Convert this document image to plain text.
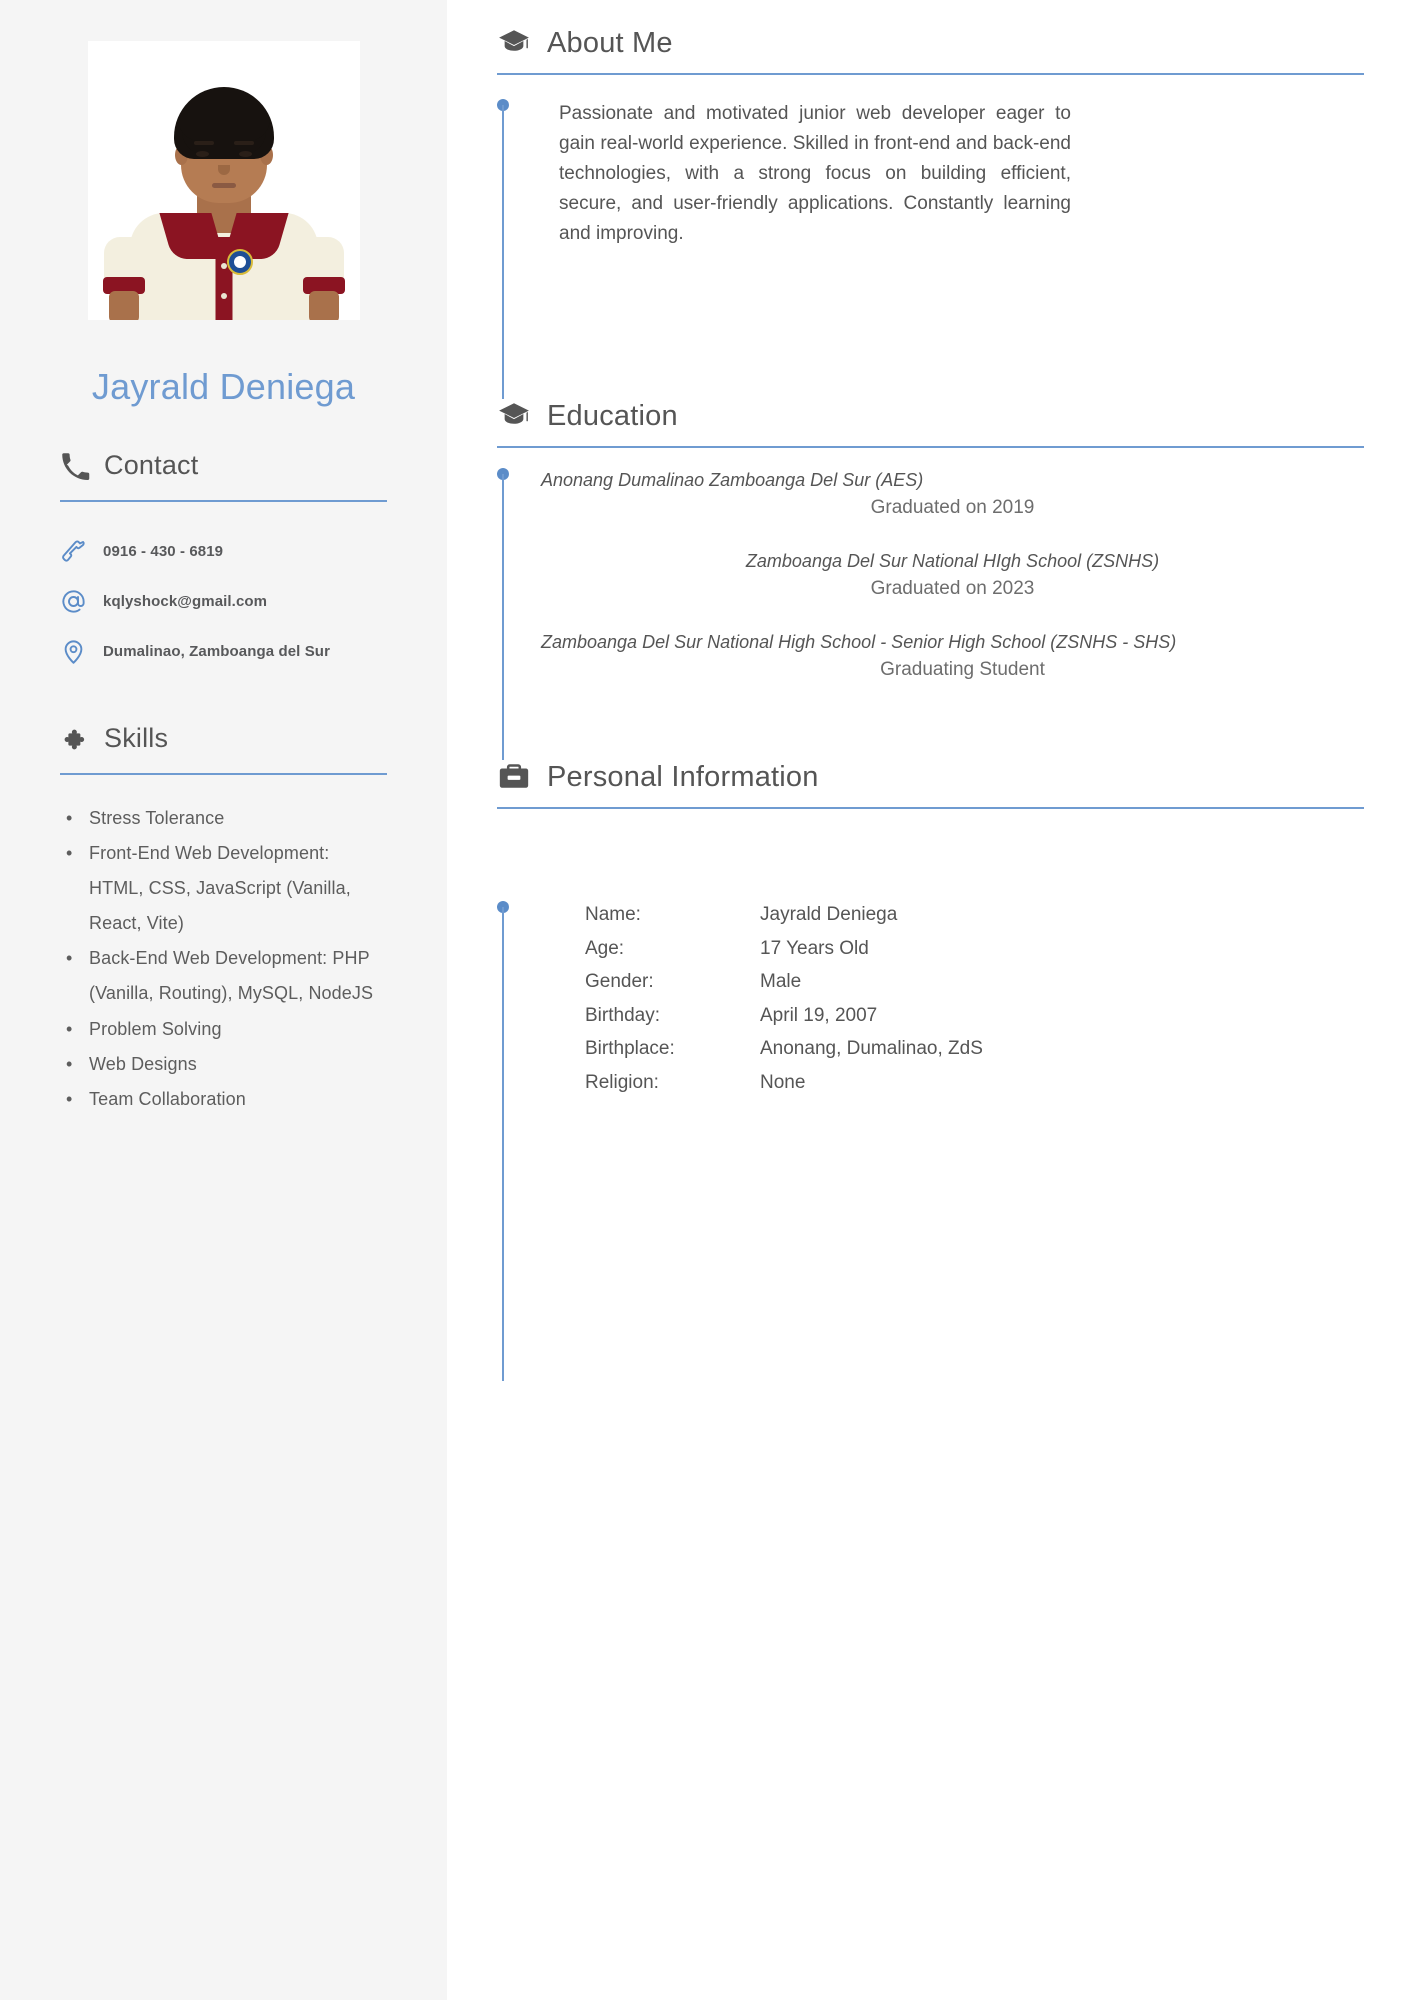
Jayrald Deniega
Contact
0916 - 430 - 6819
kqlyshock@gmail.com
Dumalinao, Zamboanga del Sur
Skills
• Stress Tolerance
• Front-End Web Development: HTML, CSS, JavaScript (Vanilla, React, Vite)
• Back-End Web Development: PHP (Vanilla, Routing), MySQL, NodeJS
• Problem Solving
• Web Designs
• Team Collaboration
About Me

Passionate and motivated junior web developer eager to gain real-world experience. Skilled in front-end and back-end technologies, with a strong focus on building efficient, secure, and user-friendly applications. Constantly learning and improving.

Education
Anonang Dumalinao Zamboanga Del Sur (AES)
Graduated on 2019
Zamboanga Del Sur National HIgh School (ZSNHS)
Graduated on 2023
Zamboanga Del Sur National High School - Senior High School (ZSNHS - SHS)
Graduating Student
Personal Information
Name:	Jayrald Deniega
Age:	17 Years Old
Gender:	Male
Birthday:	April 19, 2007
Birthplace:	Anonang, Dumalinao, ZdS
Religion:	None
